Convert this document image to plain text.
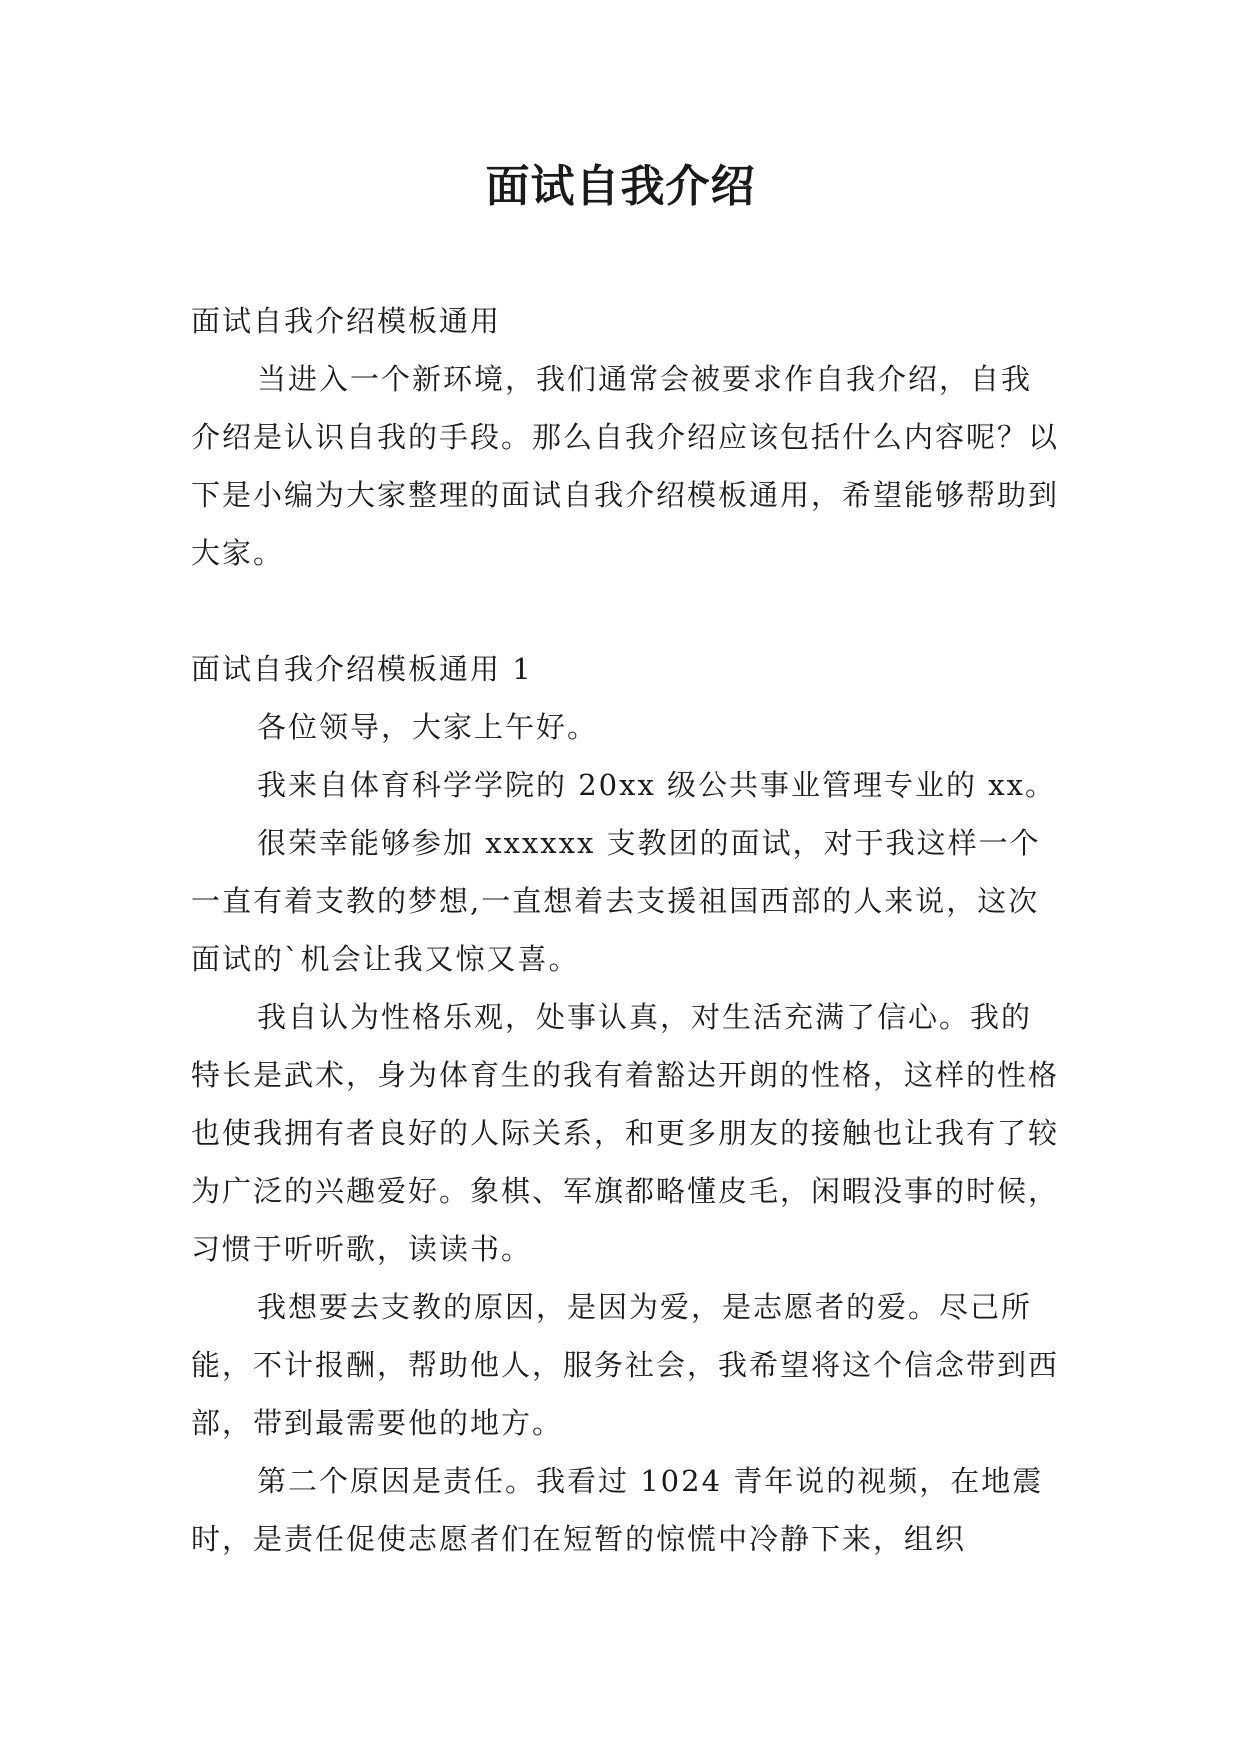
面试自我介绍

面试自我介绍模板通用

当进入一个新环境，我们通常会被要求作自我介绍，自我介绍是认识自我的手段。那么自我介绍应该包括什么内容呢？以下是小编为大家整理的面试自我介绍模板通用，希望能够帮助到大家。

面试自我介绍模板通用 1

各位领导，大家上午好。

我来自体育科学学院的 20xx 级公共事业管理专业的 xx。

很荣幸能够参加 xxxxxx 支教团的面试，对于我这样一个一直有着支教的梦想,一直想着去支援祖国西部的人来说，这次面试的`机会让我又惊又喜。

我自认为性格乐观，处事认真，对生活充满了信心。我的特长是武术，身为体育生的我有着豁达开朗的性格，这样的性格也使我拥有者良好的人际关系，和更多朋友的接触也让我有了较为广泛的兴趣爱好。象棋、军旗都略懂皮毛，闲暇没事的时候，习惯于听听歌，读读书。

我想要去支教的原因，是因为爱，是志愿者的爱。尽己所能，不计报酬，帮助他人，服务社会，我希望将这个信念带到西部，带到最需要他的地方。

第二个原因是责任。我看过 1024 青年说的视频，在地震时，是责任促使志愿者们在短暂的惊慌中冷静下来，组织
